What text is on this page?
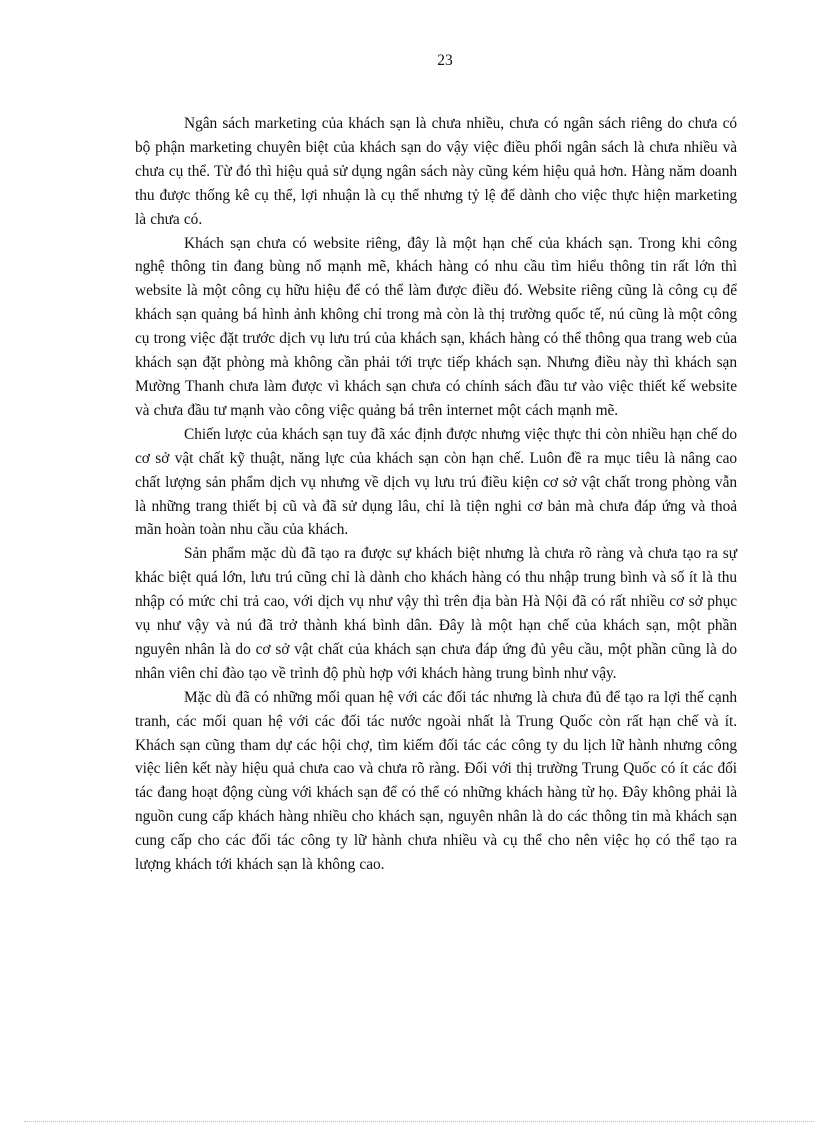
23

Ngân sách marketing của khách sạn là chưa nhiều, chưa có ngân sách riêng do chưa có bộ phận marketing chuyên biệt của khách sạn do vậy việc điều phối ngân sách là chưa nhiều và chưa cụ thể. Từ đó thì hiệu quả sử dụng ngân sách này cũng kém hiệu quả hơn. Hàng năm doanh thu được thống kê cụ thể, lợi nhuận là cụ thể nhưng tỷ lệ để dành cho việc thực hiện marketing là chưa có.

Khách sạn chưa có website riêng, đây là một hạn chế của khách sạn. Trong khi công nghệ thông tin đang bùng nổ mạnh mẽ, khách hàng có nhu cầu tìm hiểu thông tin rất lớn thì website là một công cụ hữu hiệu để có thể làm được điều đó. Website riêng cũng là công cụ để khách sạn quảng bá hình ảnh không chỉ trong mà còn là thị trường quốc tế, nú cũng là một công cụ trong việc đặt trước dịch vụ lưu trú của khách sạn, khách hàng có thể thông qua trang web của khách sạn đặt phòng mà không cần phải tới trực tiếp khách sạn. Nhưng điều này thì khách sạn Mường Thanh chưa làm được vì khách sạn chưa có chính sách đầu tư vào việc thiết kế website và chưa đầu tư mạnh vào công việc quảng bá trên internet một cách mạnh mẽ.

Chiến lược của khách sạn tuy đã xác định được nhưng việc thực thi còn nhiều hạn chế do cơ sở vật chất kỹ thuật, năng lực của khách sạn còn hạn chế. Luôn đề ra mục tiêu là nâng cao chất lượng sản phẩm dịch vụ nhưng về dịch vụ lưu trú điều kiện cơ sở vật chất trong phòng vẫn là những trang thiết bị cũ và đã sử dụng lâu, chỉ là tiện nghi cơ bản mà chưa đáp ứng và thoả mãn hoàn toàn nhu cầu của khách.

Sản phẩm mặc dù đã tạo ra được sự khách biệt nhưng là chưa rõ ràng và chưa tạo ra sự khác biệt quá lớn, lưu trú cũng chỉ là dành cho khách hàng có thu nhập trung bình và số ít là thu nhập có mức chi trả cao, với dịch vụ như vậy thì trên địa bàn Hà Nội đã có rất nhiều cơ sở phục vụ như vậy và nú đã trở thành khá bình dân. Đây là một hạn chế của khách sạn, một phần nguyên nhân là do cơ sở vật chất của khách sạn chưa đáp ứng đủ yêu cầu, một phần cũng là do nhân viên chỉ đào tạo về trình độ phù hợp với khách hàng trung bình như vậy.

Mặc dù đã có những mối quan hệ với các đối tác nhưng là chưa đủ để tạo ra lợi thế cạnh tranh, các mối quan hệ với các đối tác nước ngoài nhất là Trung Quốc còn rất hạn chế và ít. Khách sạn cũng tham dự các hội chợ, tìm kiếm đối tác các công ty du lịch lữ hành nhưng công việc liên kết này hiệu quả chưa cao và chưa rõ ràng. Đối với thị trường Trung Quốc có ít các đối tác đang hoạt động cùng với khách sạn để có thể có những khách hàng từ họ. Đây không phải là nguồn cung cấp khách hàng nhiều cho khách sạn, nguyên nhân là do các thông tin mà khách sạn cung cấp cho các đối tác công ty lữ hành chưa nhiều và cụ thể cho nên việc họ có thể tạo ra lượng khách tới khách sạn là không cao.
